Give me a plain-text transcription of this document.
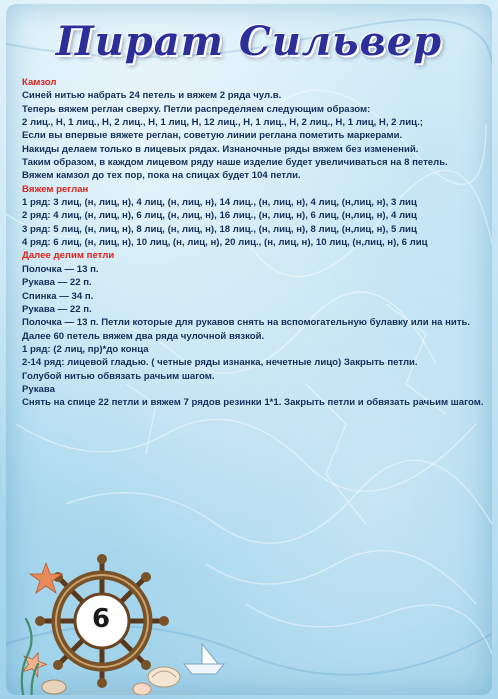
Пират Сильвер
Камзол
Синей нитью набрать 24 петель и вяжем 2 ряда чул.в.
Теперь вяжем реглан сверху. Петли распределяем следующим образом:
2 лиц., Н, 1 лиц., Н, 2 лиц., Н, 1 лиц, Н, 12 лиц., Н, 1 лиц., Н, 2 лиц., Н, 1 лиц, Н, 2 лиц.;
Если вы впервые вяжете реглан, советую линии реглана пометить маркерами.
Накиды делаем только в лицевых рядах. Изнаночные ряды вяжем без изменений.
Таким образом, в каждом лицевом ряду наше изделие будет увеличиваться на 8 петель.
Вяжем камзол до тех пор, пока на спицах будет 104 петли.
Вяжем реглан
1 ряд: 3 лиц, (н, лиц, н), 4 лиц, (н, лиц, н), 14 лиц., (н, лиц, н), 4 лиц, (н,лиц, н), 3 лиц
2 ряд: 4 лиц, (н, лиц, н), 6 лиц, (н, лиц, н), 16 лиц., (н, лиц, н), 6 лиц, (н,лиц, н), 4 лиц
3 ряд: 5 лиц, (н, лиц, н), 8 лиц, (н, лиц, н), 18 лиц., (н, лиц, н), 8 лиц, (н,лиц, н), 5 лиц
4 ряд: 6 лиц, (н, лиц, н), 10 лиц, (н, лиц, н), 20 лиц., (н, лиц, н), 10 лиц, (н,лиц, н), 6 лиц
Далее делим петли
Полочка — 13 п.
Рукава — 22 п.
Спинка — 34 п.
Рукава — 22 п.
Полочка — 13 п. Петли которые для рукавов снять на вспомогательную булавку или на нить.
Далее 60 петель вяжем два ряда чулочной вязкой.
1 ряд: (2 лиц, пр)*до конца
2-14 ряд: лицевой гладью. ( четные ряды изнанка, нечетные лицо) Закрыть петли.
Голубой нитью обвязать рачьим шагом.
Рукава
Снять на спице 22 петли и вяжем 7 рядов резинки 1*1. Закрыть петли и обвязать рачьим шагом.
6
